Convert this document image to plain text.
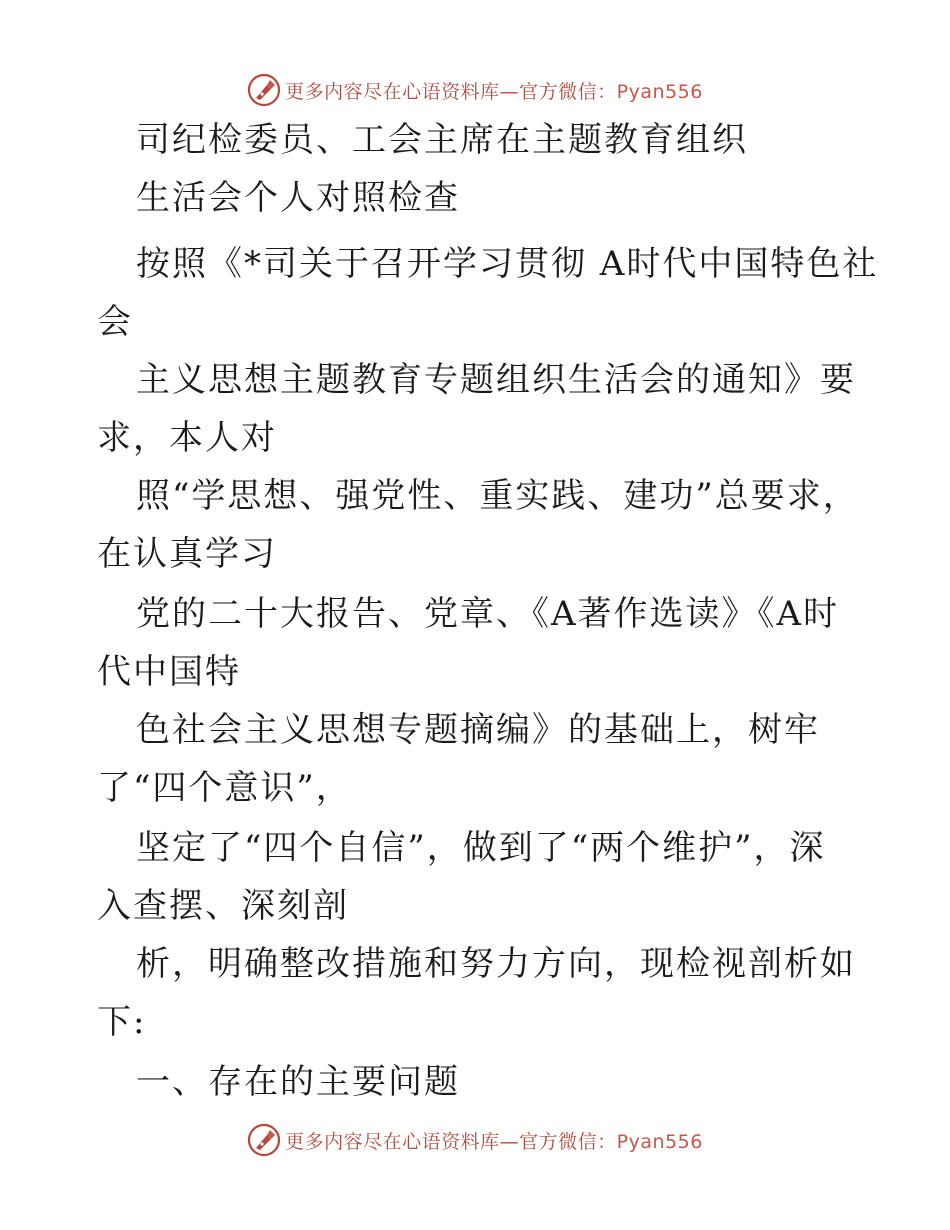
更多内容尽在心语资料库—官方微信：Pyan556
司纪检委员、工会主席在主题教育组织
生活会个人对照检查
按照《*司关于召开学习贯彻 A时代中国特色社
会
主义思想主题教育专题组织生活会的通知》要
求，本人对
照“学思想、强党性、重实践、建功”总要求，
在认真学习
党的二十大报告、党章、《A著作选读》《A时
代中国特
色社会主义思想专题摘编》的基础上，树牢
了“四个意识”，
坚定了“四个自信”，做到了“两个维护”，深
入查摆、深刻剖
析，明确整改措施和努力方向，现检视剖析如
下:
一、存在的主要问题
更多内容尽在心语资料库—官方微信：Pyan556
